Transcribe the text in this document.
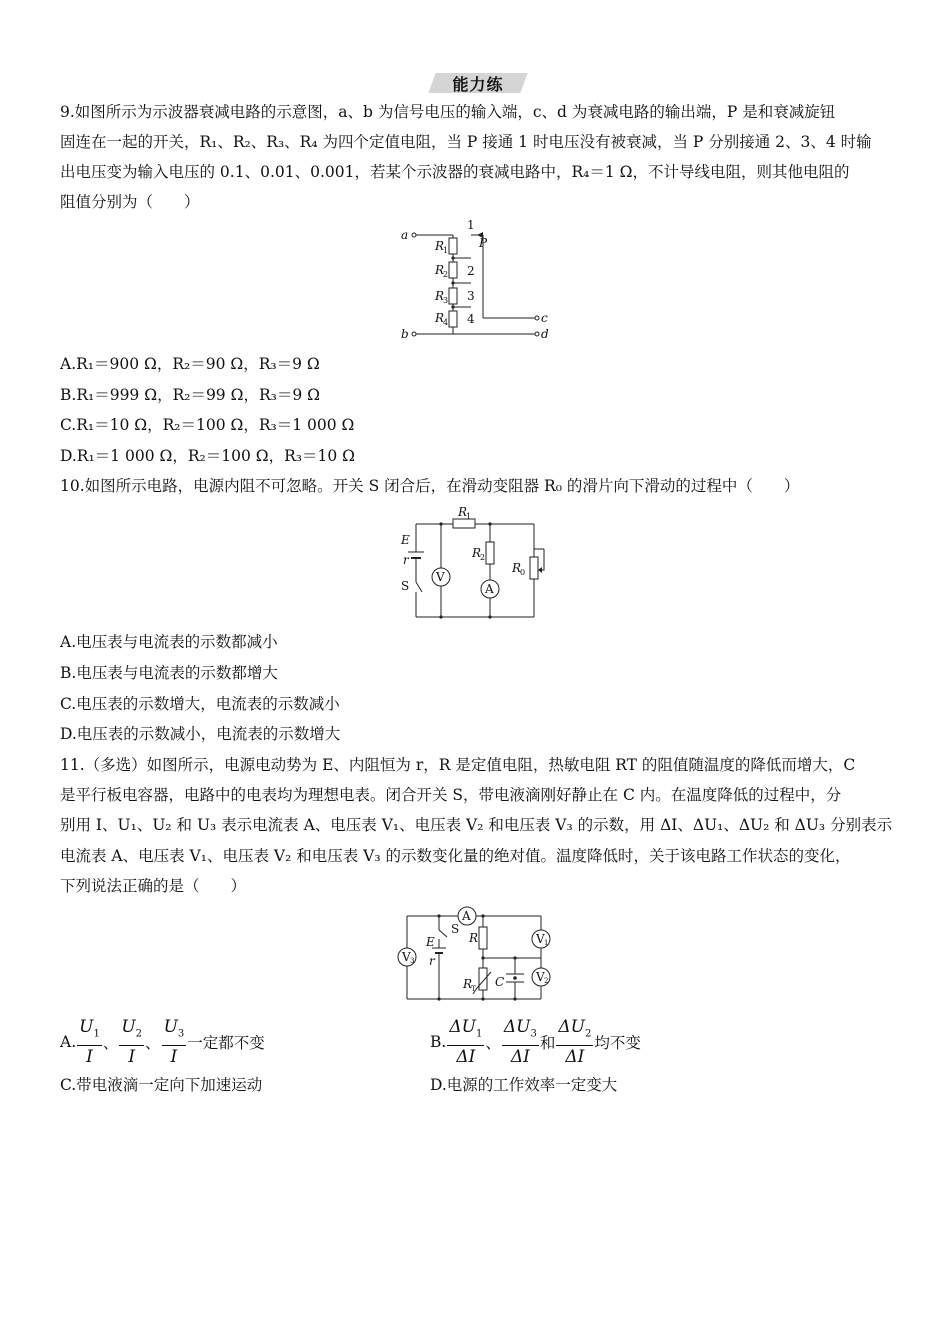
能力练
9.如图所示为示波器衰减电路的示意图，a、b 为信号电压的输入端，c、d 为衰减电路的输出端，P 是和衰减旋钮
固连在一起的开关，R₁、R₂、R₃、R₄ 为四个定值电阻，当 P 接通 1 时电压没有被衰减，当 P 分别接通 2、3、4 时输
出电压变为输入电压的 0.1、0.01、0.001，若某个示波器的衰减电路中，R₄＝1 Ω，不计导线电阻，则其他电阻的
阻值分别为（　　）
a
b
c
d
P
R
1
R
2
R
3
R
4
1
2
3
4
A.R₁＝900 Ω，R₂＝90 Ω，R₃＝9 Ω
B.R₁＝999 Ω，R₂＝99 Ω，R₃＝9 Ω
C.R₁＝10 Ω，R₂＝100 Ω，R₃＝1 000 Ω
D.R₁＝1 000 Ω，R₂＝100 Ω，R₃＝10 Ω
10.如图所示电路，电源内阻不可忽略。开关 S 闭合后，在滑动变阻器 R₀ 的滑片向下滑动的过程中（　　）
V
A
S
E
r
R
1
R
2
R
0
A.电压表与电流表的示数都减小
B.电压表与电流表的示数都增大
C.电压表的示数增大，电流表的示数减小
D.电压表的示数减小，电流表的示数增大
11.（多选）如图所示，电源电动势为 E、内阻恒为 r，R 是定值电阻，热敏电阻 RT 的阻值随温度的降低而增大，C
是平行板电容器，电路中的电表均为理想电表。闭合开关 S，带电液滴刚好静止在 C 内。在温度降低的过程中，分
别用 I、U₁、U₂ 和 U₃ 表示电流表 A、电压表 V₁、电压表 V₂ 和电压表 V₃ 的示数，用 ΔI、ΔU₁、ΔU₂ 和 ΔU₃ 分别表示
电流表 A、电压表 V₁、电压表 V₂ 和电压表 V₃ 的示数变化量的绝对值。温度降低时，关于该电路工作状态的变化，
下列说法正确的是（　　）
A
S
V 1
V 2
V 3
E
r
R
R
T C
A. $\frac{U_1}{I}$ 、 $\frac{U_2}{I}$ 、 $\frac{U_3}{I}$ 一定都不变	B. $\frac{\Delta U_1}{\Delta I}$ 、 $\frac{\Delta U_3}{\Delta I}$ 和 $\frac{\Delta U_2}{\Delta I}$ 均不变
C.带电液滴一定向下加速运动	D.电源的工作效率一定变大
